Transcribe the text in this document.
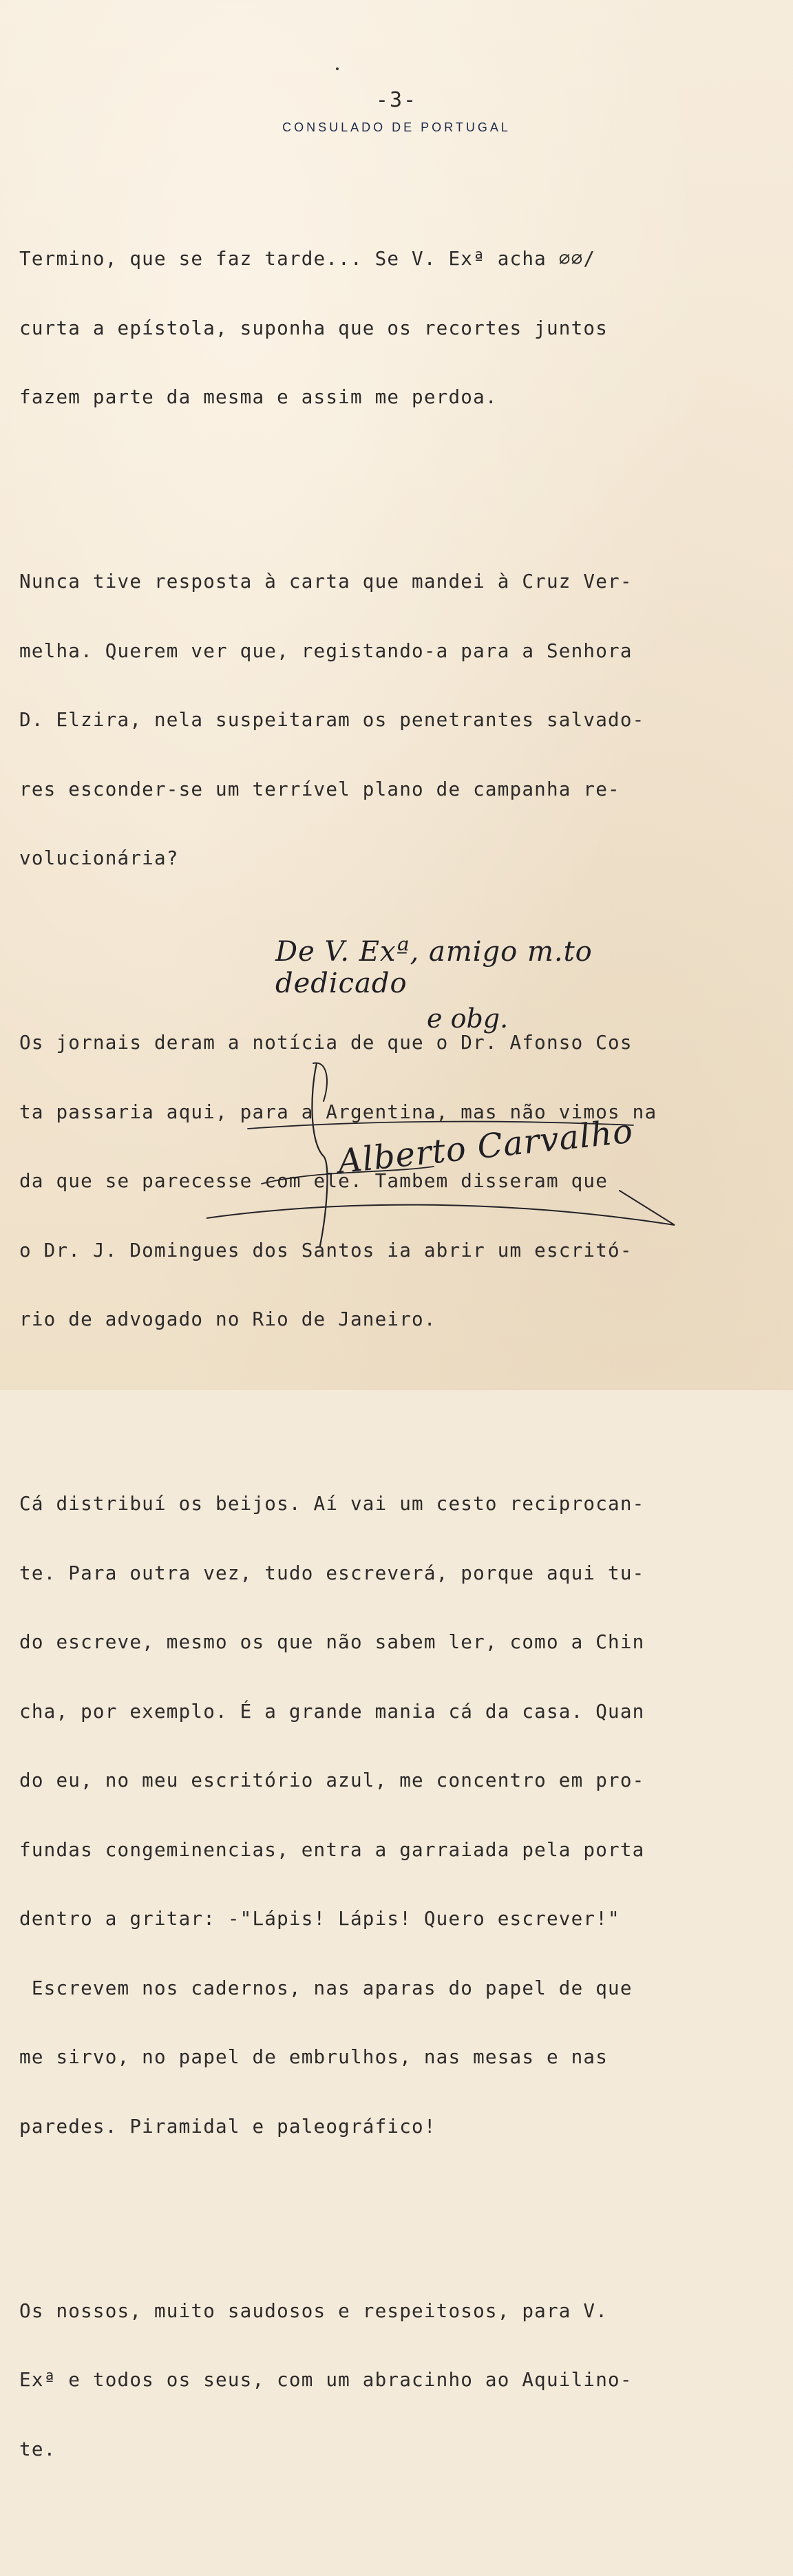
-3-
CONSULADO DE PORTUGAL

Termino, que se faz tarde... Se V. Exª acha ⌀⌀/

curta a epístola, suponha que os recortes juntos

fazem parte da mesma e assim me perdoa.

Nunca tive resposta à carta que mandei à Cruz Ver-

melha. Querem ver que, registando-a para a Senhora

D. Elzira, nela suspeitaram os penetrantes salvado-

res esconder-se um terrível plano de campanha re-

volucionária?

Os jornais deram a notícia de que o Dr. Afonso Cos

ta passaria aqui, para a Argentina, mas não vimos na

da que se parecesse com ele. Tambem disseram que

o Dr. J. Domingues dos Santos ia abrir um escritó-

rio de advogado no Rio de Janeiro.

Cá distribuí os beijos. Aí vai um cesto reciprocan-

te. Para outra vez, tudo escreverá, porque aqui tu-

do escreve, mesmo os que não sabem ler, como a Chin

cha, por exemplo. É a grande mania cá da casa. Quan

do eu, no meu escritório azul, me concentro em pro-

fundas congeminencias, entra a garraiada pela porta

dentro a gritar: -"Lápis! Lápis! Quero escrever!"

Escrevem nos cadernos, nas aparas do papel de que

me sirvo, no papel de embrulhos, nas mesas e nas

paredes. Piramidal e paleográfico!

Os nossos, muito saudosos e respeitosos, para V.

Exª e todos os seus, com um abracinho ao Aquilino-

te.

De V. Exª, amigo m.to dedicado
e obg.
Alberto Carvalho
